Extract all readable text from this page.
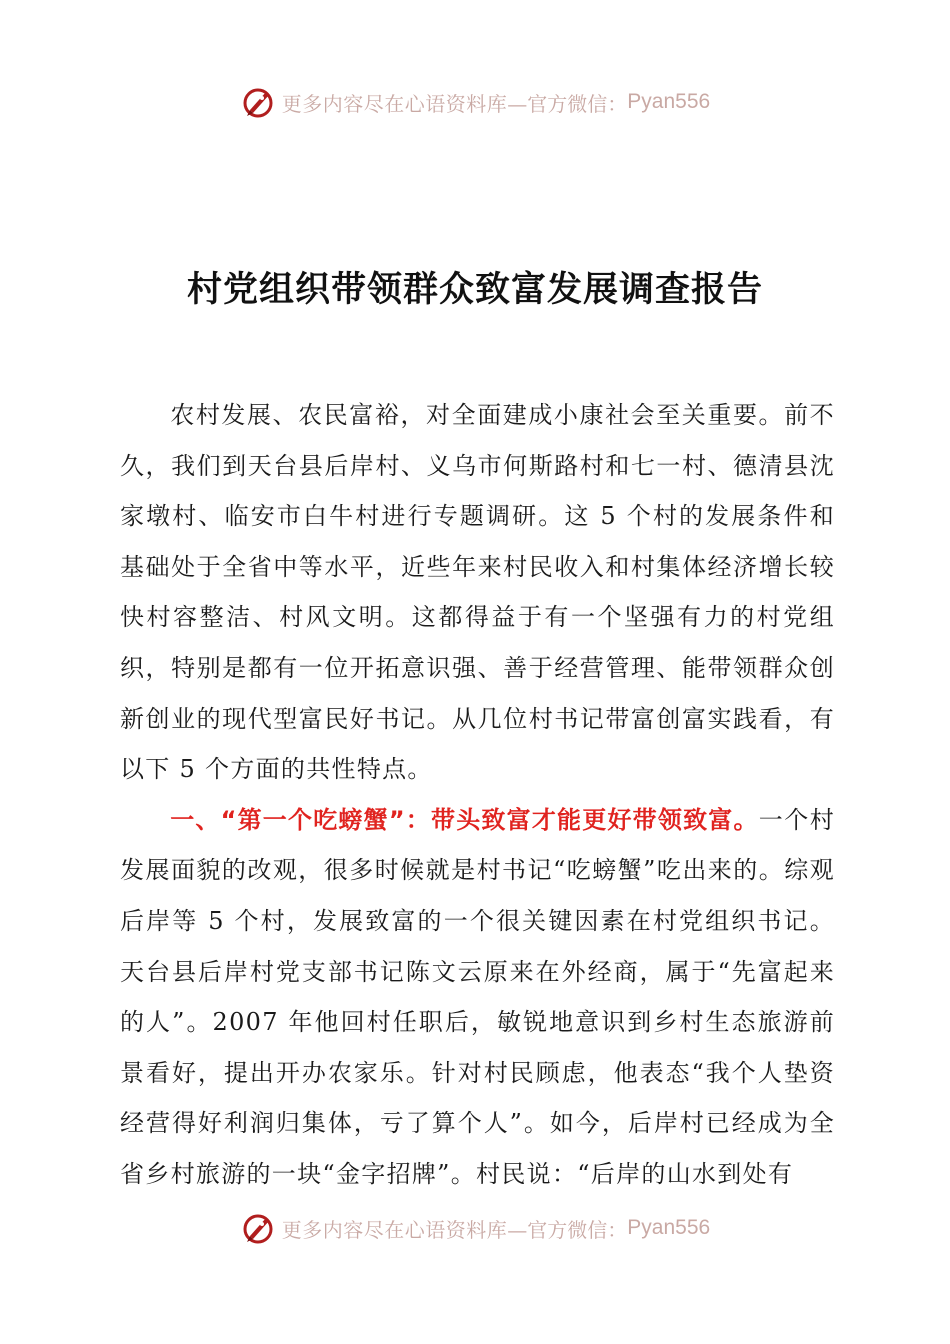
更多内容尽在心语资料库 —官方微信： Pyan556
村党组织带领群众致富发展调查报告

农村发展、农民富裕，对全面建成小康社会至关重要。前不久，我们到天台县后岸村、义乌市何斯路村和七一村、德清县沈家墩村、临安市白牛村进行专题调研。这 5 个村的发展条件和基础处于全省中等水平，近些年来村民收入和村集体经济增长较快村容整洁、村风文明。这都得益于有一个坚强有力的村党组织，特别是都有一位开拓意识强、善于经营管理、能带领群众创新创业的现代型富民好书记。从几位村书记带富创富实践看，有以下 5 个方面的共性特点。

一、“第一个吃螃蟹”：带头致富才能更好带领致富。一个村发展面貌的改观，很多时候就是村书记“吃螃蟹”吃出来的。综观后岸等 5 个村，发展致富的一个很关键因素在村党组织书记。天台县后岸村党支部书记陈文云原来在外经商，属于“先富起来的人”。2007 年他回村任职后，敏锐地意识到乡村生态旅游前景看好，提出开办农家乐。针对村民顾虑，他表态“我个人垫资经营得好利润归集体，亏了算个人”。如今，后岸村已经成为全省乡村旅游的一块“金字招牌”。村民说：“后岸的山水到处有

更多内容尽在心语资料库 —官方微信： Pyan556
